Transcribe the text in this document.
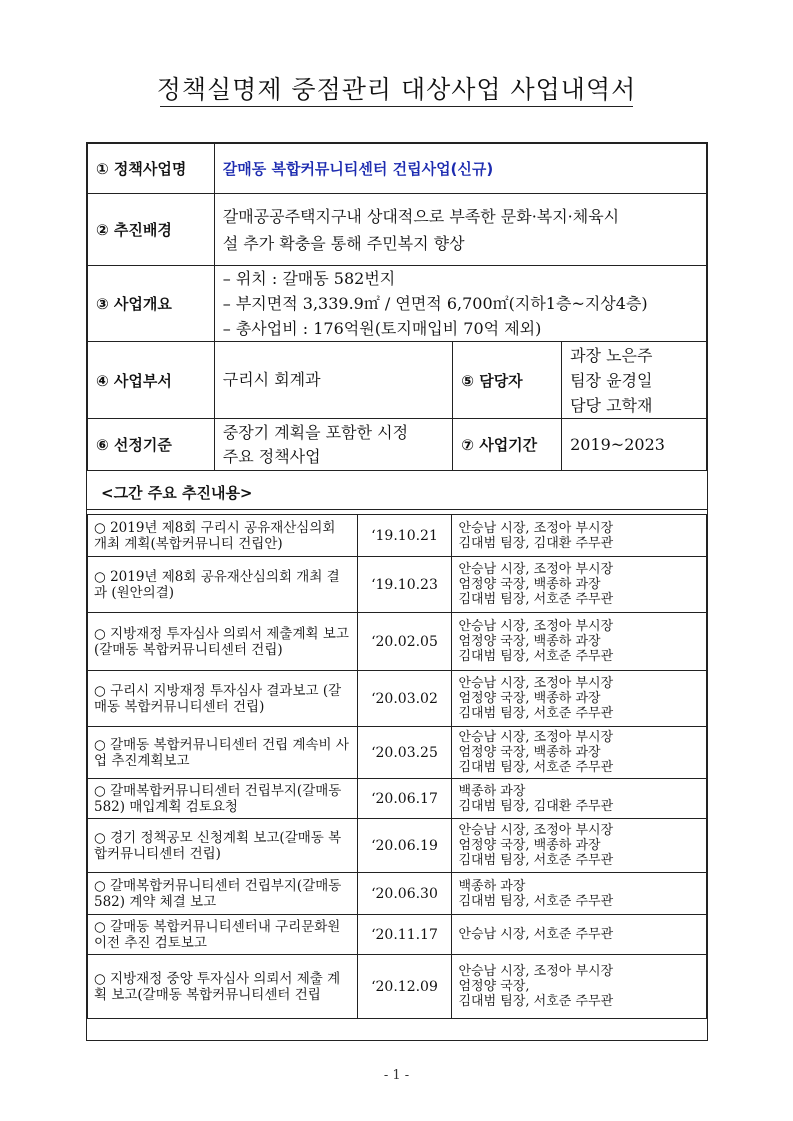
정책실명제 중점관리 대상사업 사업내역서
① 정책사업명	갈매동 복합커뮤니티센터 건립사업(신규)		
② 추진배경	갈매공공주택지구내 상대적으로 부족한 문화·복지·체육시
설 추가 확충을 통해 주민복지 향상		

③ 사업개요	– 위치 : 갈매동 582번지
– 부지면적 3,339.9㎡ / 연면적 6,700㎡(지하1층~지상4층)
– 총사업비 : 176억원(토지매입비 70억 제외)		

④ 사업부서	구리시 회계과	⑤ 담당자	과장 노은주
팀장 윤경일
담당 고학재

⑥ 선정기준	중장기 계획을 포함한 시정
주요 정책사업	⑦ 사업기간	2019~2023
<그간 주요 추진내용>
○ 2019년 제8회 구리시 공유재산심의회 개최 계획(복합커뮤니티 건립안)	‘19.10.21	안승남 시장, 조정아 부시장
김대범 팀장, 김대환 주무관

○ 2019년 제8회 공유재산심의회 개최 결과 (원안의결)	‘19.10.23	안승남 시장, 조정아 부시장
엄정양 국장, 백종하 과장
김대범 팀장, 서호준 주무관

○ 지방재정 투자심사 의뢰서 제출계획 보고(갈매동 복합커뮤니티센터 건립)	‘20.02.05	안승남 시장, 조정아 부시장
엄정양 국장, 백종하 과장
김대범 팀장, 서호준 주무관

○ 구리시 지방재정 투자심사 결과보고 (갈매동 복합커뮤니티센터 건립)	‘20.03.02	안승남 시장, 조정아 부시장
엄정양 국장, 백종하 과장
김대범 팀장, 서호준 주무관

○ 갈매동 복합커뮤니티센터 건립 계속비 사업 추진계획보고	‘20.03.25	안승남 시장, 조정아 부시장
엄정양 국장, 백종하 과장
김대범 팀장, 서호준 주무관

○ 갈매복합커뮤니티센터 건립부지(갈매동 582) 매입계획 검토요청	‘20.06.17	백종하 과장
김대범 팀장, 김대환 주무관

○ 경기 정책공모 신청계획 보고(갈매동 복합커뮤니티센터 건립)	‘20.06.19	안승남 시장, 조정아 부시장
엄정양 국장, 백종하 과장
김대범 팀장, 서호준 주무관

○ 갈매복합커뮤니티센터 건립부지(갈매동 582) 계약 체결 보고	‘20.06.30	백종하 과장
김대범 팀장, 서호준 주무관

○ 갈매동 복합커뮤니티센터내 구리문화원 이전 추진 검토보고	‘20.11.17	안승남 시장, 서호준 주무관

○ 지방재정 중앙 투자심사 의뢰서 제출 계획 보고(갈매동 복합커뮤니티센터 건립	‘20.12.09	안승남 시장, 조정아 부시장
엄정양 국장,
김대범 팀장, 서호준 주무관
- 1 -
